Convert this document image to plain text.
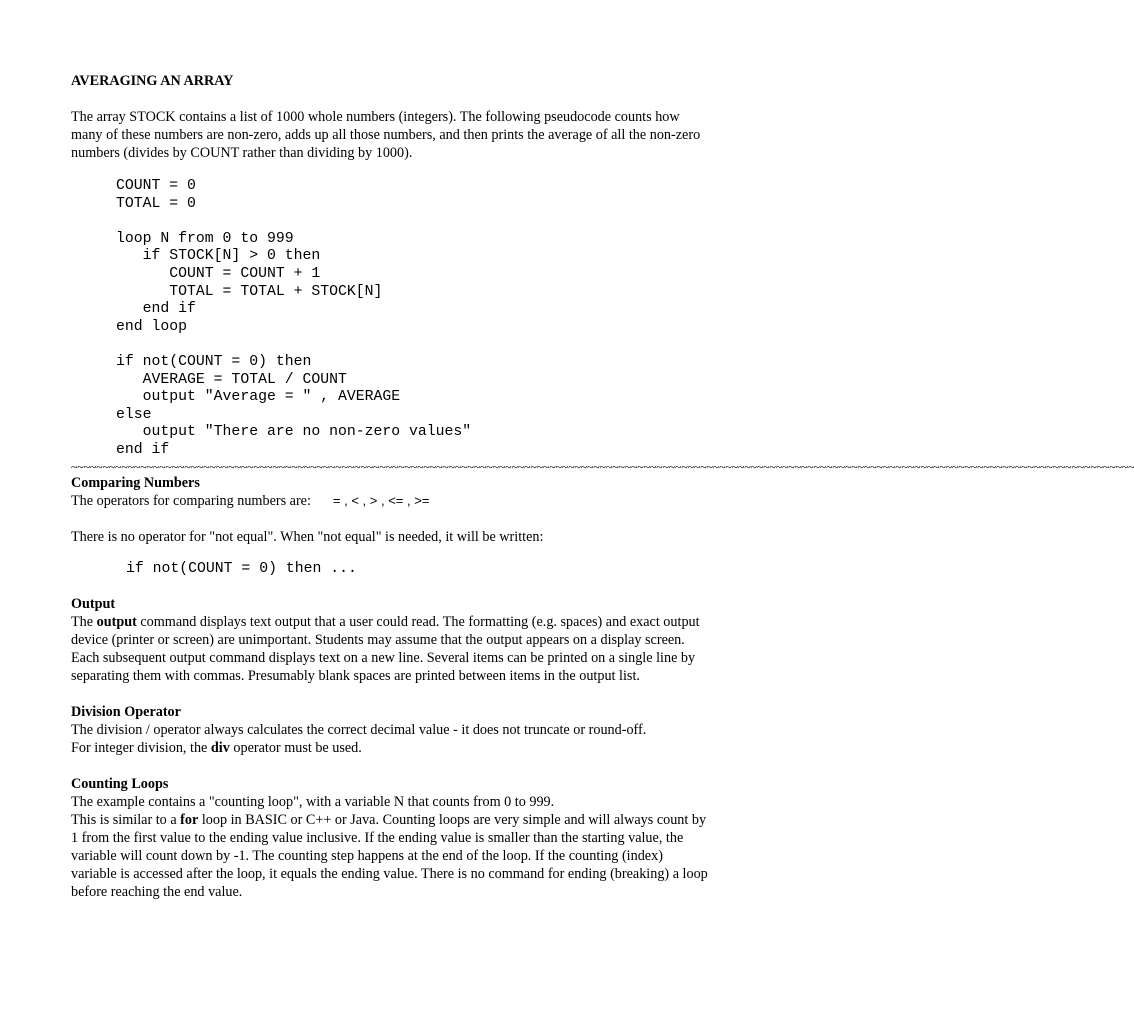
AVERAGING AN ARRAY

The array STOCK contains a list of 1000 whole numbers (integers). The following pseudocode counts how many of these numbers are non-zero, adds up all those numbers, and then prints the average of all the non-zero numbers (divides by COUNT rather than dividing by 1000).

COUNT = 0
TOTAL = 0
loop N from 0 to 999
if STOCK[N] > 0 then
COUNT = COUNT + 1
TOTAL = TOTAL + STOCK[N]
end if
end loop
if not(COUNT = 0) then
AVERAGE = TOTAL / COUNT
output "Average = " , AVERAGE
else
output "There are no non-zero values"
end if

~~~~~~~~~~~~~~~~~~~~~~~~~~~~~~~~~~~~~~~~~~~~~~~~~~~~~~~~~~~~~~~~~~~~~~~~~~~~~~~~~~~~~~~~~~~~~~~~~~~~~~~~~~~~~~~~~~~~~~~~~~~~~~~~~~~~~~~~~~~~~~~~~~~~~~~~~~~~~~~~~~~~~~~~~

Comparing Numbers

The operators for comparing numbers are: = , < , > , <= , >=

There is no operator for "not equal". When "not equal" is needed, it will be written:

if not(COUNT = 0) then ...

Output

The output command displays text output that a user could read. The formatting (e.g. spaces) and exact output device (printer or screen) are unimportant. Students may assume that the output appears on a display screen. Each subsequent output command displays text on a new line. Several items can be printed on a single line by separating them with commas. Presumably blank spaces are printed between items in the output list.

Division Operator

The division / operator always calculates the correct decimal value - it does not truncate or round-off.

For integer division, the div operator must be used.

Counting Loops

The example contains a "counting loop", with a variable N that counts from 0 to 999.

This is similar to a for loop in BASIC or C++ or Java. Counting loops are very simple and will always count by 1 from the first value to the ending value inclusive. If the ending value is smaller than the starting value, the variable will count down by -1. The counting step happens at the end of the loop. If the counting (index) variable is accessed after the loop, it equals the ending value. There is no command for ending (breaking) a loop before reaching the end value.
